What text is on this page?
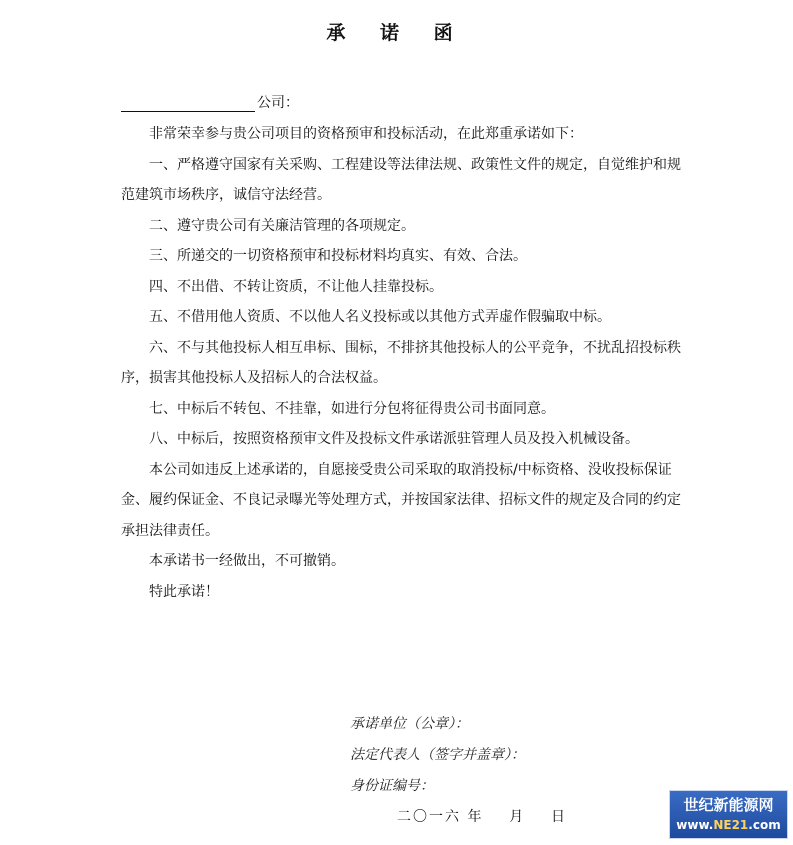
承 诺 函
公司：

非常荣幸参与贵公司项目的资格预审和投标活动，在此郑重承诺如下：

一、严格遵守国家有关采购、工程建设等法律法规、政策性文件的规定，自觉维护和规范建筑市场秩序，诚信守法经营。

二、遵守贵公司有关廉洁管理的各项规定。

三、所递交的一切资格预审和投标材料均真实、有效、合法。

四、不出借、不转让资质，不让他人挂靠投标。

五、不借用他人资质、不以他人名义投标或以其他方式弄虚作假骗取中标。

六、不与其他投标人相互串标、围标，不排挤其他投标人的公平竞争，不扰乱招投标秩序，损害其他投标人及招标人的合法权益。

七、中标后不转包、不挂靠，如进行分包将征得贵公司书面同意。

八、中标后，按照资格预审文件及投标文件承诺派驻管理人员及投入机械设备。

本公司如违反上述承诺的，自愿接受贵公司采取的取消投标/中标资格、没收投标保证金、履约保证金、不良记录曝光等处理方式，并按国家法律、招标文件的规定及合同的约定承担法律责任。

本承诺书一经做出，不可撤销。

特此承诺！

承诺单位（公章）：
法定代表人（签字并盖章）：
身份证编号：
二〇一六 年    月    日
世纪新能源网
www.NE21.com
